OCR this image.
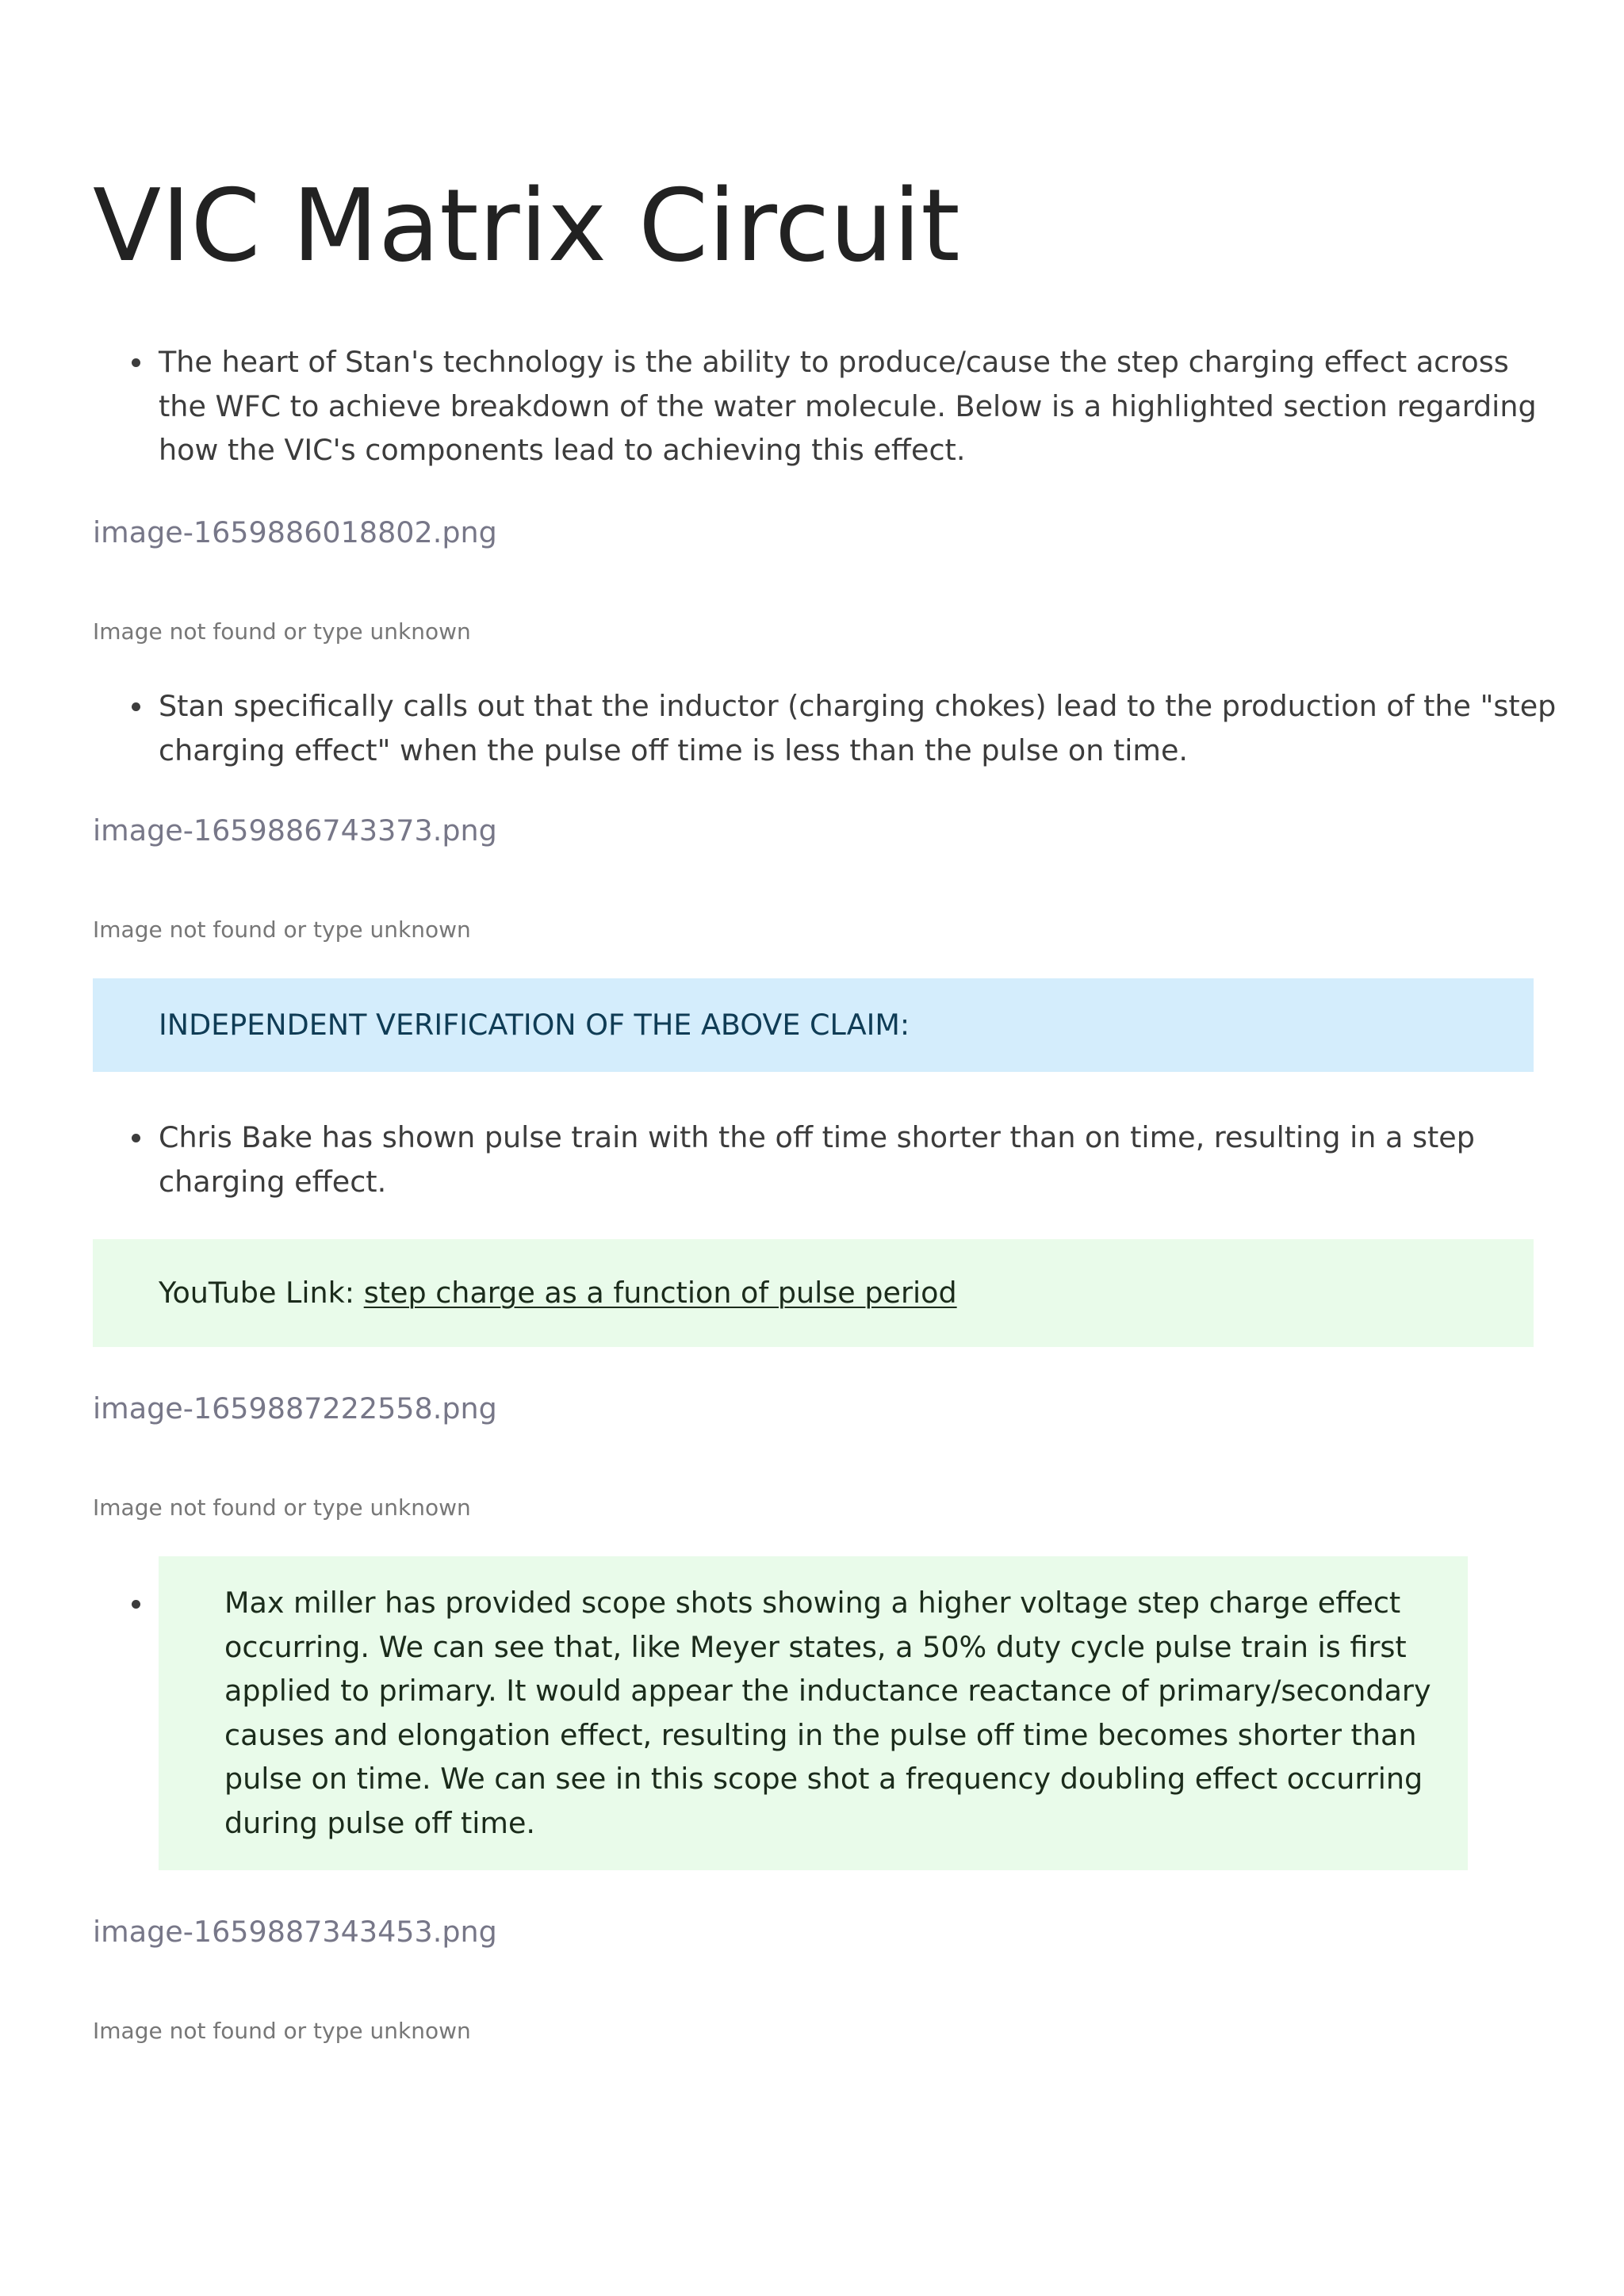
VIC Matrix Circuit
The heart of Stan's technology is the ability to produce/cause the step charging effect across the WFC to achieve breakdown of the water molecule. Below is a highlighted section regarding how the VIC's components lead to achieving this effect.
image-1659886018802.png
Image not found or type unknown
Stan specifically calls out that the inductor (charging chokes) lead to the production of the "step charging effect" when the pulse off time is less than the pulse on time.
image-1659886743373.png
Image not found or type unknown
INDEPENDENT VERIFICATION OF THE ABOVE CLAIM:
Chris Bake has shown pulse train with the off time shorter than on time, resulting in a step charging effect.
YouTube Link: step charge as a function of pulse period
image-1659887222558.png
Image not found or type unknown
Max miller has provided scope shots showing a higher voltage step charge effect occurring. We can see that, like Meyer states, a 50% duty cycle pulse train is first applied to primary. It would appear the inductance reactance of primary/secondary causes and elongation effect, resulting in the pulse off time becomes shorter than pulse on time. We can see in this scope shot a frequency doubling effect occurring during pulse off time.
image-1659887343453.png
Image not found or type unknown
